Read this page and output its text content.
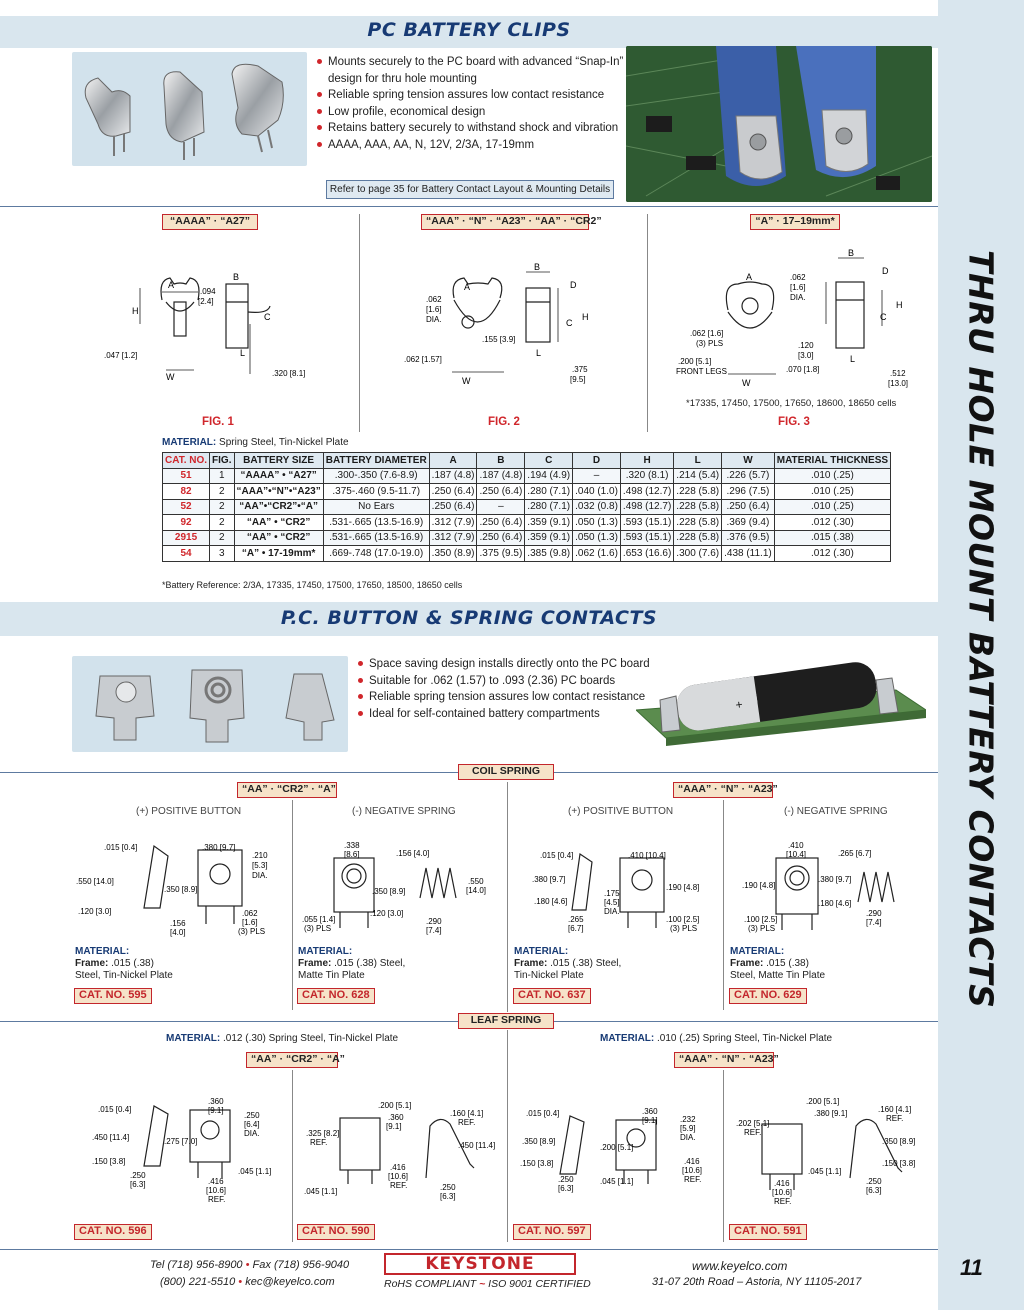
THRU HOLE MOUNT BATTERY CONTACTS
11
PC BATTERY CLIPS
Mounts securely to the PC board with advanced “Snap-In” design for thru hole mounting
Reliable spring tension assures low contact resistance
Low profile, economical design
Retains battery securely to withstand shock and vibration
AAAA, AAA, AA, N, 12V, 2/3A, 17-19mm
Refer to page 35 for Battery Contact Layout & Mounting Details
“AAAA” · “A27”	“AAA” · “N” · “A23” · “AA” · “CR2”	“A” · 17–19mm*
A
H
.094
[2.4]
B
C
L
W
.047 [1.2]
.320 [8.1]
A
B
D
H
C
L
.062
[1.6]
DIA.
.155 [3.9]
.062 [1.57]
W
.375
[9.5]
A
B
D
H
C
L
.062
[1.6]
DIA.
.062 [1.6]
(3) PLS
.200 [5.1]
FRONT LEGS
.120
[3.0]
.070 [1.8]
W
.512
[13.0]
*17335, 17450, 17500, 17650, 18600, 18650 cells
FIG. 1	FIG. 2	FIG. 3
MATERIAL: Spring Steel, Tin-Nickel Plate
CAT. NO.	FIG.	BATTERY SIZE	BATTERY DIAMETER	A	B	C	D	H	L	W	MATERIAL THICKNESS
51	1	“AAAA” • “A27”	.300-.350 (7.6-8.9)	.187 (4.8)	.187 (4.8)	.194 (4.9)	–	.320 (8.1)	.214 (5.4)	.226 (5.7)	.010 (.25)
82	2	“AAA”•“N”•“A23”	.375-.460 (9.5-11.7)	.250 (6.4)	.250 (6.4)	.280 (7.1)	.040 (1.0)	.498 (12.7)	.228 (5.8)	.296 (7.5)	.010 (.25)
52	2	“AA”•“CR2”•“A”	No Ears	.250 (6.4)	–	.280 (7.1)	.032 (0.8)	.498 (12.7)	.228 (5.8)	.250 (6.4)	.010 (.25)
92	2	“AA” • “CR2”	.531-.665 (13.5-16.9)	.312 (7.9)	.250 (6.4)	.359 (9.1)	.050 (1.3)	.593 (15.1)	.228 (5.8)	.369 (9.4)	.012 (.30)
2915	2	“AA” • “CR2”	.531-.665 (13.5-16.9)	.312 (7.9)	.250 (6.4)	.359 (9.1)	.050 (1.3)	.593 (15.1)	.228 (5.8)	.376 (9.5)	.015 (.38)
54	3	“A” • 17-19mm*	.669-.748 (17.0-19.0)	.350 (8.9)	.375 (9.5)	.385 (9.8)	.062 (1.6)	.653 (16.6)	.300 (7.6)	.438 (11.1)	.012 (.30)
*Battery Reference: 2/3A, 17335, 17450, 17500, 17650, 18500, 18650 cells
P.C. BUTTON & SPRING CONTACTS
Space saving design installs directly onto the PC board
Suitable for .062 (1.57) to .093 (2.36) PC boards
Reliable spring tension assures low contact resistance
Ideal for self-contained battery compartments
+
COIL SPRING
“AA” · “CR2” · “A”	“AAA” · “N” · “A23”
(+) POSITIVE BUTTON	(-) NEGATIVE SPRING	(+) POSITIVE BUTTON	(-) NEGATIVE SPRING
.015 [0.4]	.380 [9.7]
.210
[5.3]
DIA.
.550 [14.0]
.350 [8.9]
.120 [3.0]
.156
[4.0]
.062
[1.6]
(3) PLS
.338
[8.6]	.156 [4.0]
.350 [8.9]
.550
[14.0]
.120 [3.0]
.055 [1.4]
(3) PLS
.290
[7.4]
.015 [0.4]	.410 [10.4]
.380 [9.7]
.190 [4.8]
.180 [4.6]
.175
[4.5]
DIA.
.265
[6.7]
.100 [2.5]
(3) PLS
.410
[10.4]	.265 [6.7]
.380 [9.7]
.190 [4.8]
.180 [4.6]
.100 [2.5]
(3) PLS
.290
[7.4]
MATERIAL:
Frame: .015 (.38)
Steel, Tin-Nickel Plate
MATERIAL:
Frame: .015 (.38) Steel,
Matte Tin Plate
MATERIAL:
Frame: .015 (.38) Steel,
Tin-Nickel Plate
MATERIAL:
Frame: .015 (.38)
Steel, Matte Tin Plate
CAT. NO. 595	CAT. NO. 628	CAT. NO. 637	CAT. NO. 629
LEAF SPRING
MATERIAL: .012 (.30) Spring Steel, Tin-Nickel Plate	MATERIAL: .010 (.25) Spring Steel, Tin-Nickel Plate
“AA” · “CR2” · “A”	“AAA” · “N” · “A23”
.015 [0.4]
.360
[9.1]
.250
[6.4]
DIA.
.450 [11.4]	.275 [7.0]
.150 [3.8]
.250
[6.3]
.045 [1.1]
.416
[10.6]
REF.
.200 [5.1]
.360
[9.1]
.325 [8.2]
REF.
.160 [4.1]
REF.
.450 [11.4]
.416
[10.6]
REF.
.045 [1.1]	.250
[6.3]
.015 [0.4]	.360
[9.1]	.232
[5.9]
DIA.
.350 [8.9]
.200 [5.1]
.150 [3.8]
.250
[6.3]
.045 [1.1]
.416
[10.6]
REF.
.200 [5.1]
.380 [9.1]
.202 [5.1]
REF.
.160 [4.1]
REF.
.350 [8.9]
.150 [3.8]
.045 [1.1]
.416
[10.6]
REF.
.250
[6.3]
CAT. NO. 596	CAT. NO. 590	CAT. NO. 597	CAT. NO. 591
Tel (718) 956-8900 • Fax (718) 956-9040
(800) 221-5510 • kec@keyelco.com
KEYSTONE
RoHS COMPLIANT ~ ISO 9001 CERTIFIED
www.keyelco.com
31-07 20th Road – Astoria, NY 11105-2017
